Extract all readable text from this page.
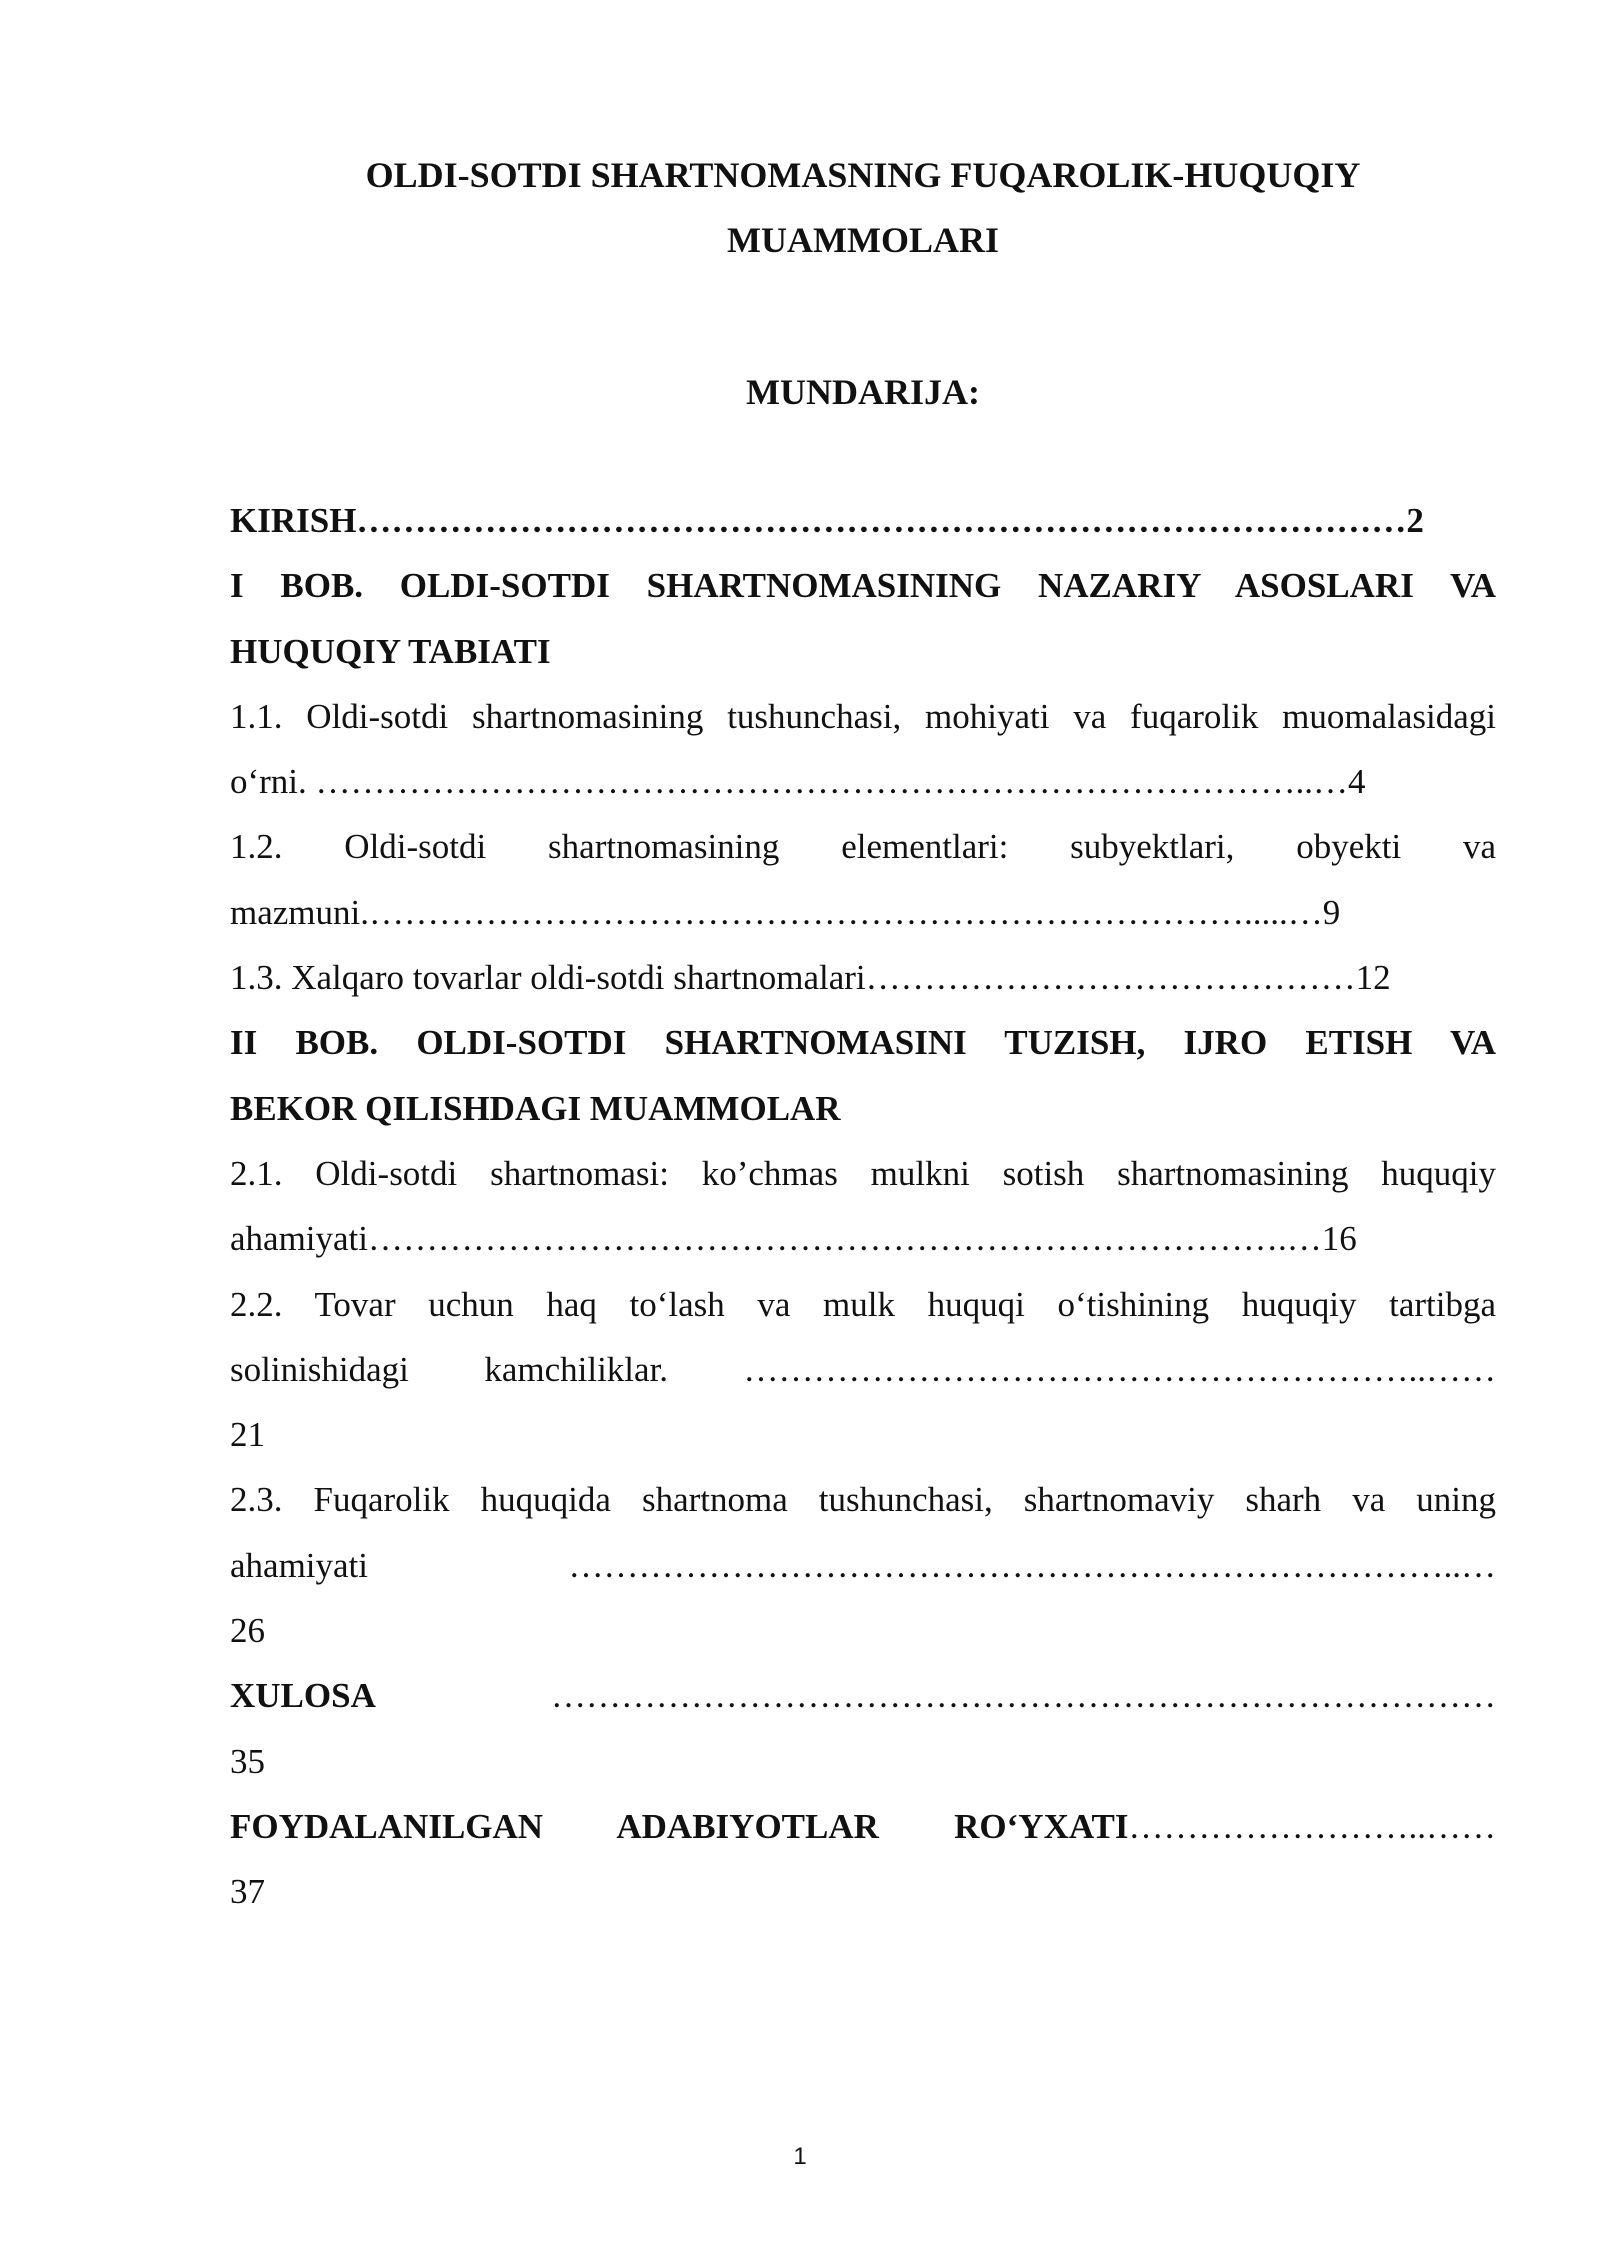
OLDI-SOTDI SHARTNOMASNING FUQAROLIK-HUQUQIY
MUAMMOLARI
MUNDARIJA:
KIRISH………………………………………………………………………………2
I BOB. OLDI-SOTDI SHARTNOMASINING NAZARIY ASOSLARI VA
HUQUQIY TABIATI
1.1. Oldi-sotdi shartnomasining tushunchasi, mohiyati va fuqarolik muomalasidagi
o‘rni. …………………………………………………………………………..…4
1.2. Oldi-sotdi shartnomasining elementlari: subyektlari, obyekti va
mazmuni.………………………………………………………………….....…9
1.3. Xalqaro tovarlar oldi-sotdi shartnomalari……………………………………12
II BOB. OLDI-SOTDI SHARTNOMASINI TUZISH, IJRO ETISH VA
BEKOR QILISHDAGI MUAMMOLAR
2.1. Oldi-sotdi shartnomasi: ko’chmas mulkni sotish shartnomasining huquqiy
ahamiyati…………………………………………………………………….…16
2.2. Tovar uchun haq to‘lash va mulk huquqi o‘tishining huquqiy tartibga
solinishidagi kamchiliklar. …………………………………………………..……
21
2.3. Fuqarolik huquqida shartnoma tushunchasi, shartnomaviy sharh va uning
ahamiyati …………………………………………………………………..…
26
XULOSA	………………………………………………………………………
35
FOYDALANILGAN ADABIYOTLAR RO‘YXATI……………………..……
37
1
